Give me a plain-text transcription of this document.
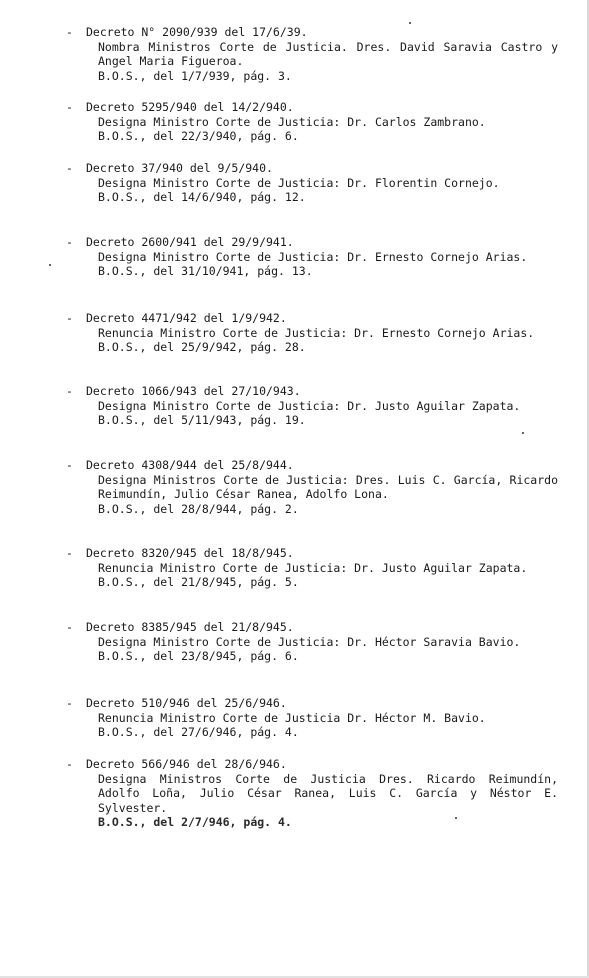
- Decreto N° 2090/939 del 17/6/39.
Nombra Ministros Corte de Justicia. Dres. David Saravia Castro y Angel Maria Figueroa.
B.O.S., del 1/7/939, pág. 3.
- Decreto 5295/940 del 14/2/940.
Designa Ministro Corte de Justicia: Dr. Carlos Zambrano.
B.O.S., del 22/3/940, pág. 6.
- Decreto 37/940 del 9/5/940.
Designa Ministro Corte de Justicia: Dr. Florentin Cornejo.
B.O.S., del 14/6/940, pág. 12.
- Decreto 2600/941 del 29/9/941.
Designa Ministro Corte de Justicia: Dr. Ernesto Cornejo Arias.
B.O.S., del 31/10/941, pág. 13.
- Decreto 4471/942 del 1/9/942.
Renuncia Ministro Corte de Justicia: Dr. Ernesto Cornejo Arias.
B.O.S., del 25/9/942, pág. 28.
- Decreto 1066/943 del 27/10/943.
Designa Ministro Corte de Justicia: Dr. Justo Aguilar Zapata.
B.O.S., del 5/11/943, pág. 19.
- Decreto 4308/944 del 25/8/944.
Designa Ministros Corte de Justicia: Dres. Luis C. García, Ricardo Reimundín, Julio César Ranea, Adolfo Lona.
B.O.S., del 28/8/944, pág. 2.
- Decreto 8320/945 del 18/8/945.
Renuncia Ministro Corte de Justicia: Dr. Justo Aguilar Zapata.
B.O.S., del 21/8/945, pág. 5.
- Decreto 8385/945 del 21/8/945.
Designa Ministro Corte de Justicia: Dr. Héctor Saravia Bavio.
B.O.S., del 23/8/945, pág. 6.
- Decreto 510/946 del 25/6/946.
Renuncia Ministro Corte de Justicia Dr. Héctor M. Bavio.
B.O.S., del 27/6/946, pág. 4.
- Decreto 566/946 del 28/6/946.
Designa Ministros Corte de Justicia Dres. Ricardo Reimundín, Adolfo Loña, Julio César Ranea, Luis C. García y Néstor E. Sylvester.
B.O.S., del 2/7/946, pág. 4.
